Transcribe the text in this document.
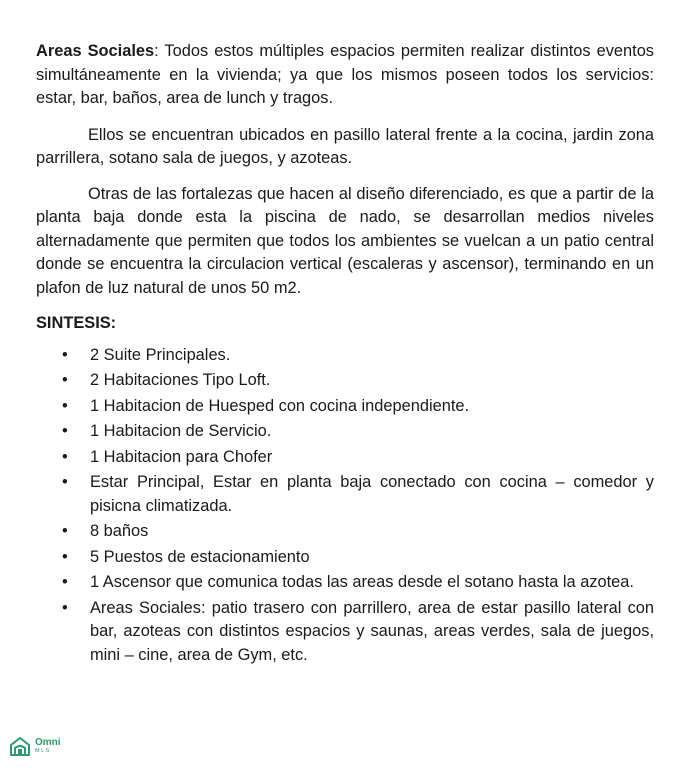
Areas Sociales: Todos estos múltiples espacios permiten realizar distintos eventos simultáneamente en la vivienda; ya que los mismos poseen todos los servicios: estar, bar, baños, area de lunch y tragos.

Ellos se encuentran ubicados en pasillo lateral frente a la cocina, jardin zona parrillera, sotano sala de juegos, y azoteas.

Otras de las fortalezas que hacen al diseño diferenciado, es que a partir de la planta baja donde esta la piscina de nado, se desarrollan medios niveles alternadamente que permiten que todos los ambientes se vuelcan a un patio central donde se encuentra la circulacion vertical (escaleras y ascensor), terminando en un plafon de luz natural de unos 50 m2.

SINTESIS:

• 2 Suite Principales.
• 2 Habitaciones Tipo Loft.
• 1 Habitacion de Huesped con cocina independiente.
• 1 Habitacion de Servicio.
• 1 Habitacion para Chofer
• Estar Principal, Estar en planta baja conectado con cocina – comedor y pisicna climatizada.
• 8 baños
• 5 Puestos de estacionamiento
• 1 Ascensor que comunica todas las areas desde el sotano hasta la azotea.
• Areas Sociales: patio trasero con parrillero, area de estar pasillo lateral con bar, azoteas con distintos espacios y saunas, areas verdes, sala de juegos, mini – cine, area de Gym, etc.
Omni
MLS
